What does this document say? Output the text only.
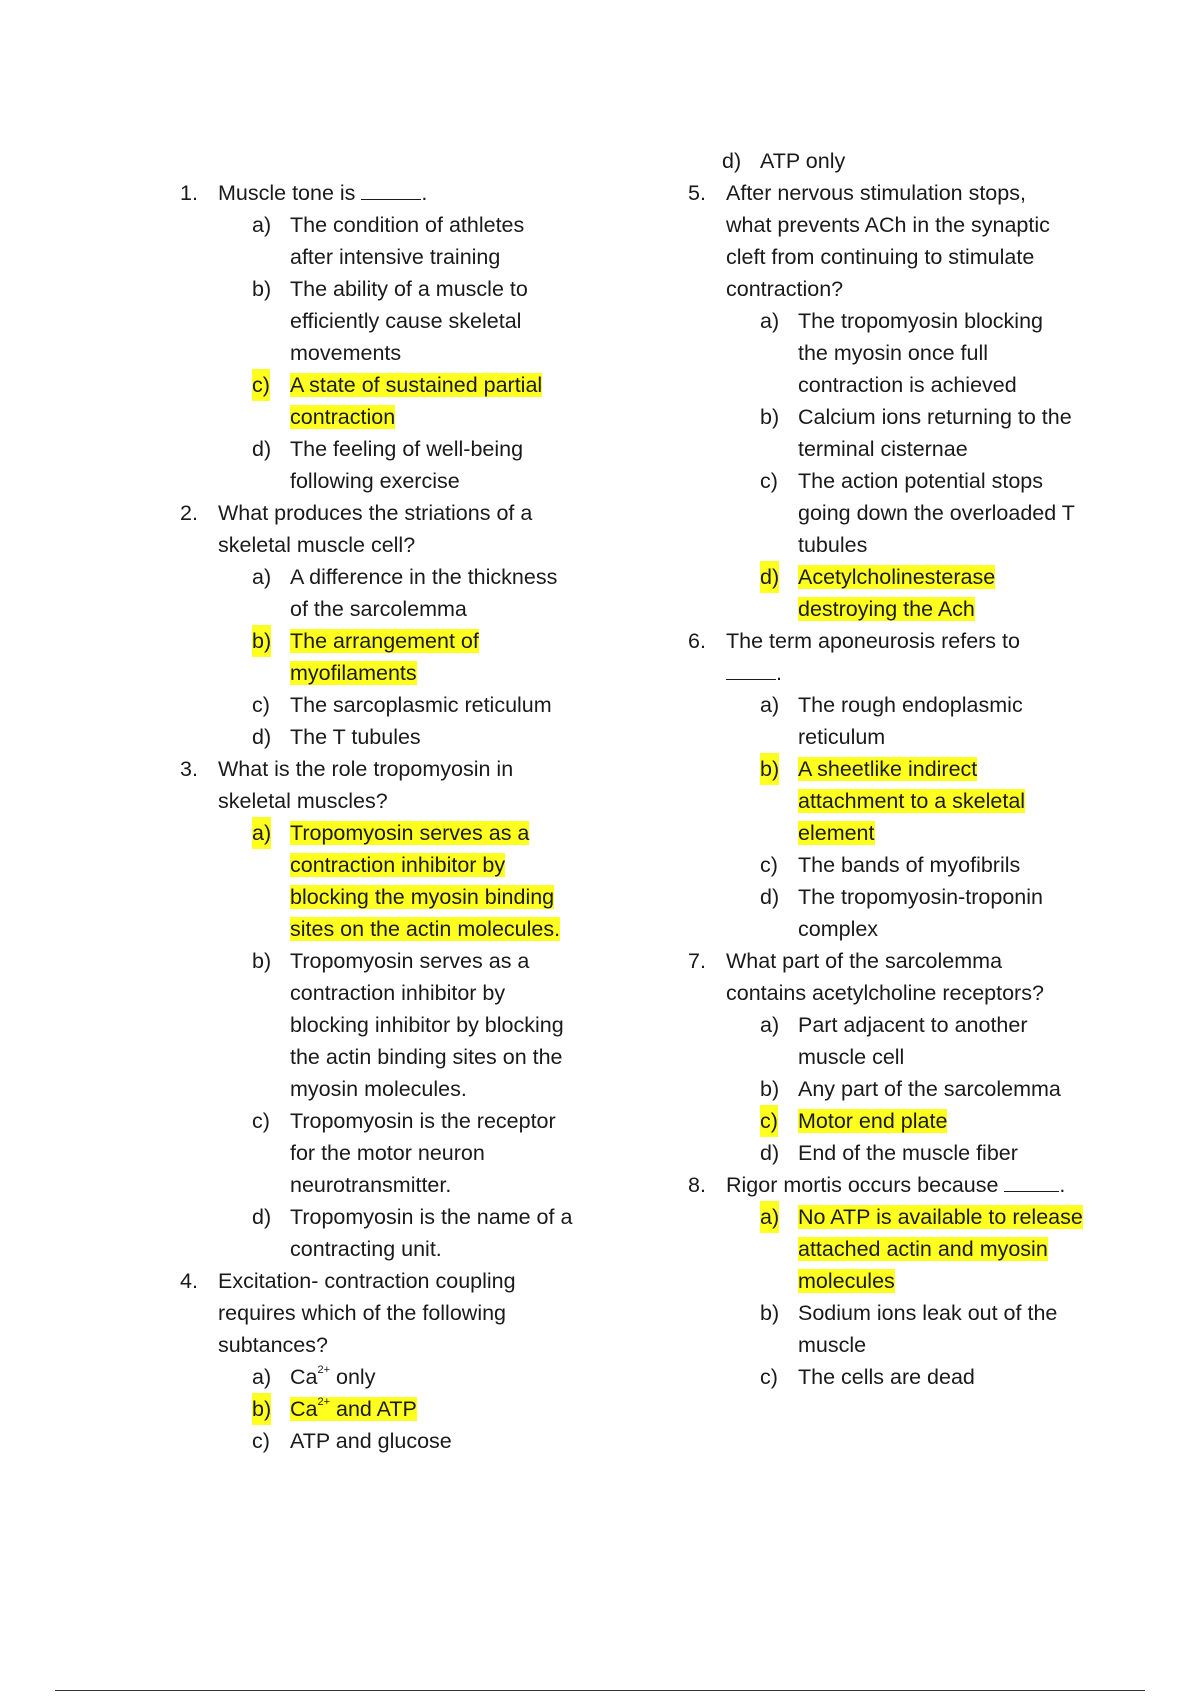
1. Muscle tone is	.
a) The condition of athletes
after intensive training
b) The ability of a muscle to
efficiently cause skeletal
movements
c) A state of sustained partial
contraction
d) The feeling of well-being
following exercise
2. What produces the striations of a
skeletal muscle cell?
a) A difference in the thickness
of the sarcolemma
b) The arrangement of
myofilaments
c) The sarcoplasmic reticulum
d) The T tubules
3. What is the role tropomyosin in
skeletal muscles?
a) Tropomyosin serves as a
contraction inhibitor by
blocking the myosin binding
sites on the actin molecules.
b) Tropomyosin serves as a
contraction inhibitor by
blocking inhibitor by blocking
the actin binding sites on the
myosin molecules.
c) Tropomyosin is the receptor
for the motor neuron
neurotransmitter.
d) Tropomyosin is the name of a
contracting unit.
4. Excitation- contraction coupling
requires which of the following
subtances?
a) $Ca^{2+}$ only
b) $Ca^{2+}$ and ATP
c) ATP and glucose
d) ATP only
5. After nervous stimulation stops,
what prevents ACh in the synaptic
cleft from continuing to stimulate
contraction?
a) The tropomyosin blocking
the myosin once full
contraction is achieved
b) Calcium ions returning to the
terminal cisternae
c) The action potential stops
going down the overloaded T
tubules
d) Acetylcholinesterase
destroying the Ach
6. The term aponeurosis refers to
.
a) The rough endoplasmic
reticulum
b) A sheetlike indirect
attachment to a skeletal
element
c) The bands of myofibrils
d) The tropomyosin-troponin
complex
7. What part of the sarcolemma
contains acetylcholine receptors?
a) Part adjacent to another
muscle cell
b) Any part of the sarcolemma
c) Motor end plate
d) End of the muscle fiber
8. Rigor mortis occurs because	.
a) No ATP is available to release
attached actin and myosin
molecules
b) Sodium ions leak out of the
muscle
c) The cells are dead
